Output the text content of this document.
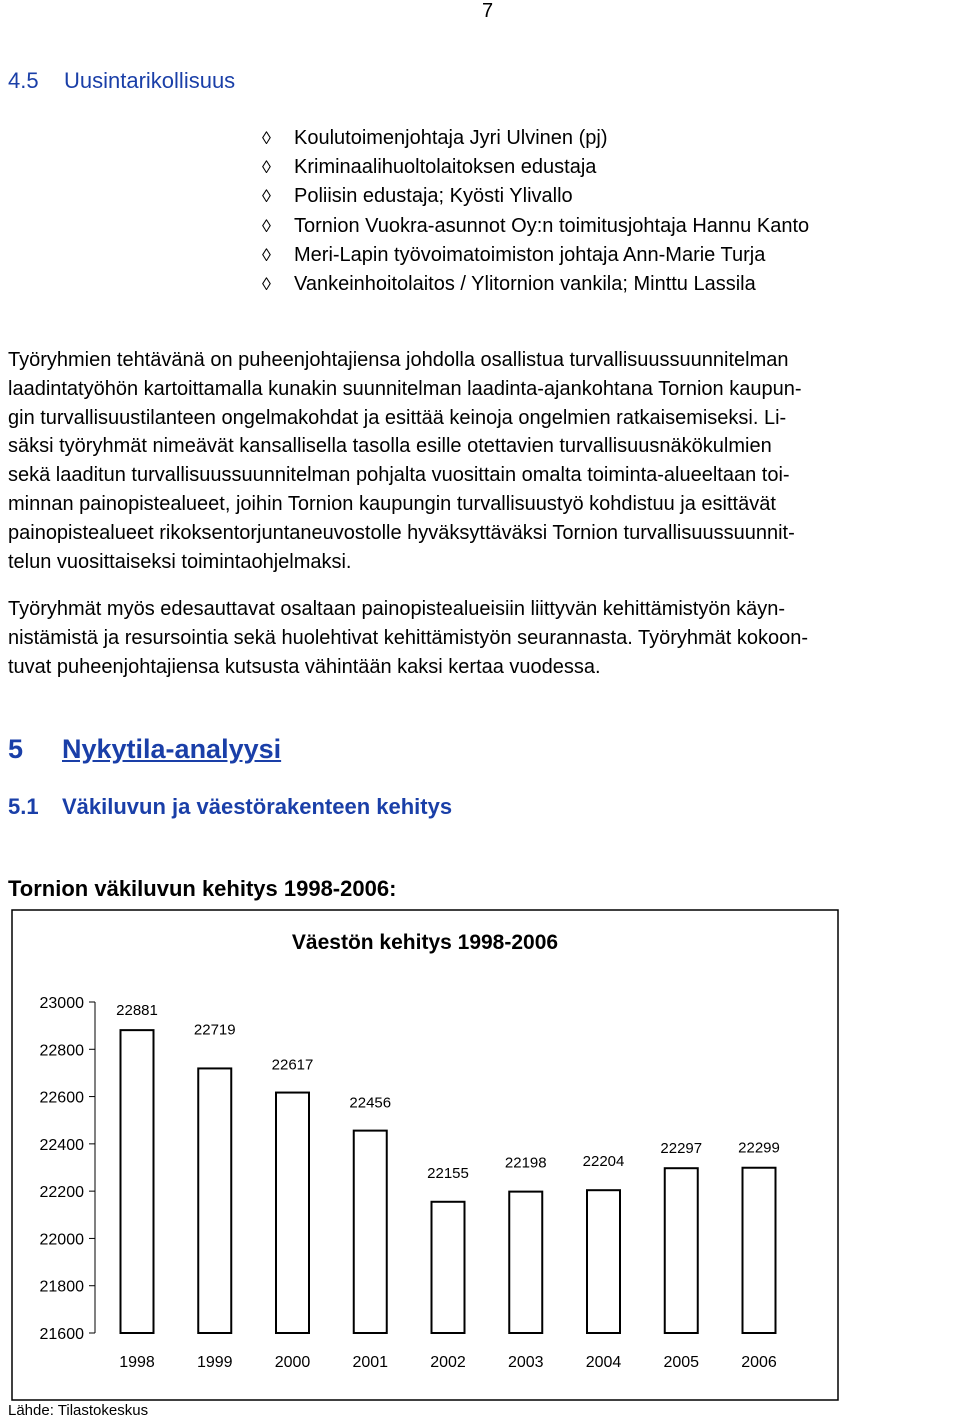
7
4.5 Uusintarikollisuus
◊	Koulutoimenjohtaja Jyri Ulvinen (pj)
◊	Kriminaalihuoltolaitoksen edustaja
◊	Poliisin edustaja; Kyösti Ylivallo
◊	Tornion Vuokra-asunnot Oy:n toimitusjohtaja Hannu Kanto
◊	Meri-Lapin työvoimatoimiston johtaja Ann-Marie Turja
◊	Vankeinhoitolaitos / Ylitornion vankila; Minttu Lassila

Työryhmien tehtävänä on puheenjohtajiensa johdolla osallistua turvallisuussuunnitelman
laadintatyöhön kartoittamalla kunakin suunnitelman laadinta-ajankohtana Tornion kaupun-
gin turvallisuustilanteen ongelmakohdat ja esittää keinoja ongelmien ratkaisemiseksi. Li-
säksi työryhmät nimeävät kansallisella tasolla esille otettavien turvallisuusnäkökulmien
sekä laaditun turvallisuussuunnitelman pohjalta vuosittain omalta toiminta-alueeltaan toi-
minnan painopistealueet, joihin Tornion kaupungin turvallisuustyö kohdistuu ja esittävät
painopistealueet rikoksentorjuntaneuvostolle hyväksyttäväksi Tornion turvallisuussuunnit-
telun vuosittaiseksi toimintaohjelmaksi.

Työryhmät myös edesauttavat osaltaan painopistealueisiin liittyvän kehittämistyön käyn-
nistämistä ja resursointia sekä huolehtivat kehittämistyön seurannasta. Työryhmät kokoon-
tuvat puheenjohtajiensa kutsusta vähintään kaksi kertaa vuodessa.

5 Nykytila-analyysi
5.1 Väkiluvun ja väestörakenteen kehitys
Tornion väkiluvun kehitys 1998-2006:
Väestön kehitys 1998-2006
23000
22800
22600
22400
22200
22000
21800
21600
22881
1998
22719
1999
22617
2000
22456
2001
22155
2002
22198
2003
22204
2004
22297
2005
22299
2006
Lähde: Tilastokeskus
